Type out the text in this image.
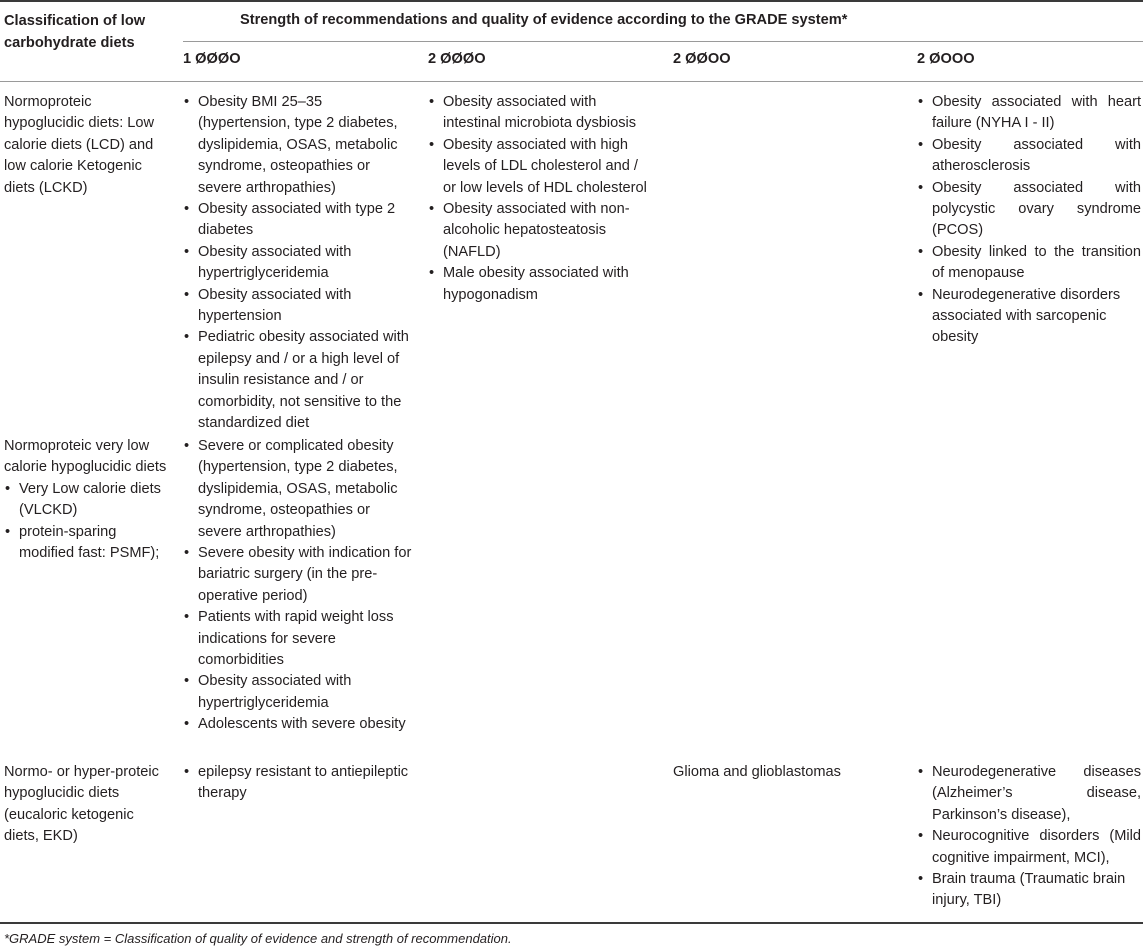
Classification of low carbohydrate diets
Strength of recommendations and quality of evidence according to the GRADE system*
1 ØØØO	2 ØØØO	2 ØØOO	2 ØOOO
Normoproteic hypoglucidic diets: Low calorie diets (LCD) and low calorie Ketogenic diets (LCKD)
• Obesity BMI 25–35 (hypertension, type 2 diabetes, dyslipidemia, OSAS, metabolic syndrome, osteopathies or severe arthropathies)
• Obesity associated with type 2 diabetes
• Obesity associated with hypertriglyceridemia
• Obesity associated with hypertension
• Pediatric obesity associated with epilepsy and / or a high level of insulin resistance and / or comorbidity, not sensitive to the standardized diet
• Obesity associated with intestinal microbiota dysbiosis
• Obesity associated with high levels of LDL cholesterol and / or low levels of HDL cholesterol
• Obesity associated with non-alcoholic hepatosteatosis (NAFLD)
• Male obesity associated with hypogonadism
• Obesity associated with heart failure (NYHA I - II)
• Obesity associated with atherosclerosis
• Obesity associated with polycystic ovary syndrome (PCOS)
• Obesity linked to the transition of menopause
• Neurodegenerative disorders associated with sarcopenic obesity
Normoproteic very low calorie hypoglucidic diets
• Very Low calorie diets (VLCKD)
• protein-sparing modified fast: PSMF);
• Severe or complicated obesity (hypertension, type 2 diabetes, dyslipidemia, OSAS, metabolic syndrome, osteopathies or severe arthropathies)
• Severe obesity with indication for bariatric surgery (in the pre-operative period)
• Patients with rapid weight loss indications for severe comorbidities
• Obesity associated with hypertriglyceridemia
• Adolescents with severe obesity
Normo- or hyper-proteic hypoglucidic diets (eucaloric ketogenic diets, EKD)
• epilepsy resistant to antiepileptic therapy
Glioma and glioblastomas
•	Neurodegenerative diseases (Alzheimer’s disease, Parkinson’s disease),
• Neurocognitive disorders (Mild cognitive impairment, MCI),
• Brain trauma (Traumatic brain injury, TBI)
*GRADE system = Classification of quality of evidence and strength of recommendation.
